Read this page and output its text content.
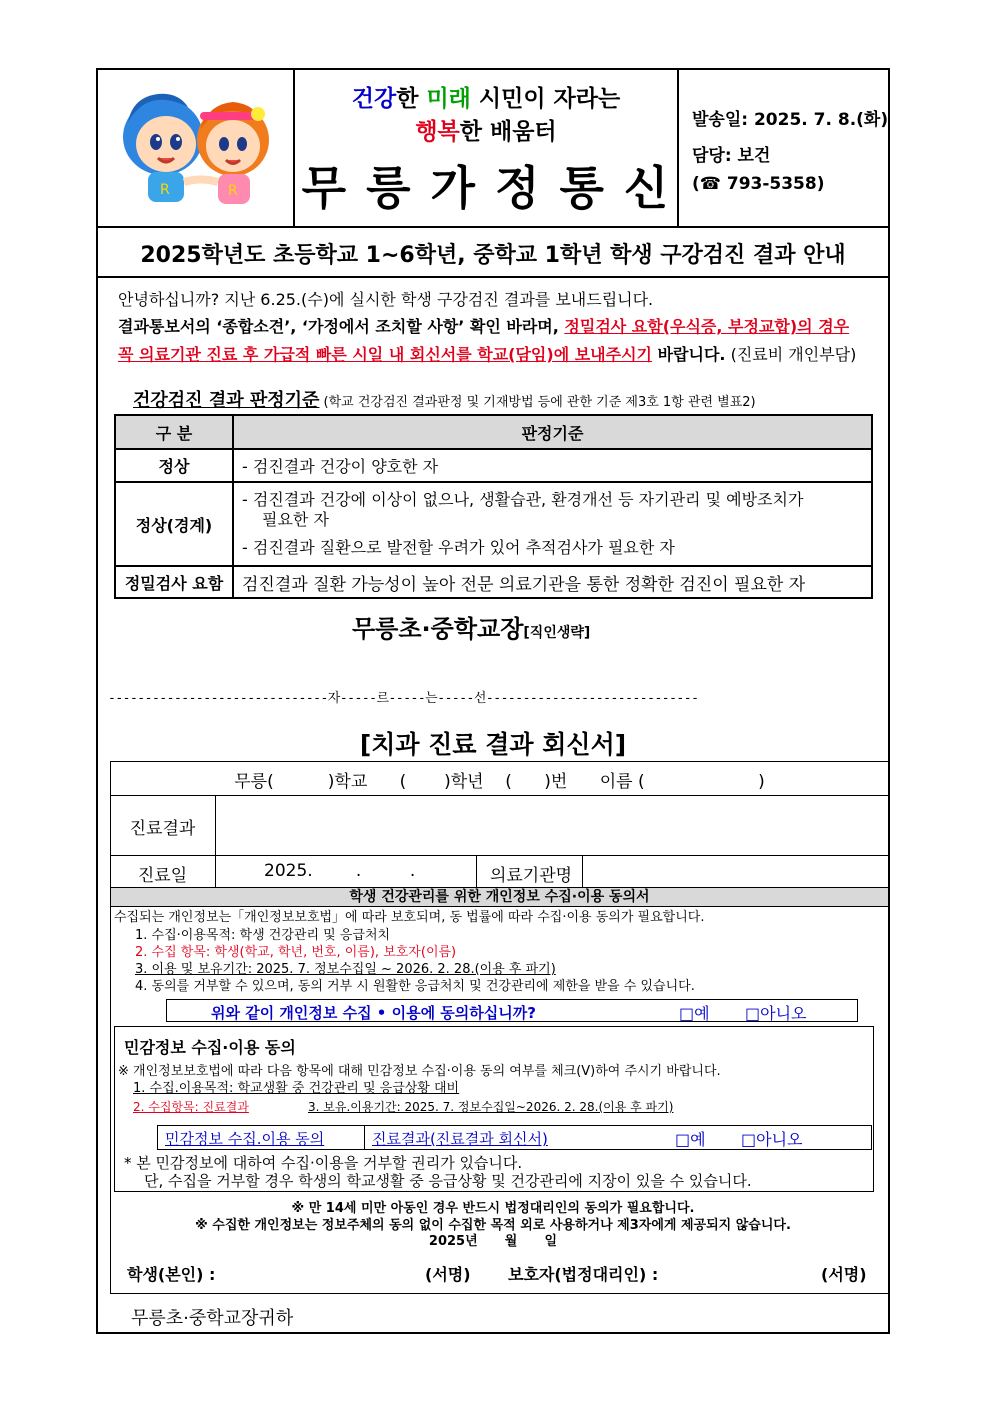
R	R
건강한 미래 시민이 자라는
행복한 배움터
무 릉 가 정 통 신
발송일: 2025. 7. 8.(화)
담당: 보건
(☎ 793-5358)
2025학년도 초등학교 1~6학년, 중학교 1학년 학생 구강검진 결과 안내
안녕하십니까? 지난 6.25.(수)에 실시한 학생 구강검진 결과를 보내드립니다.
결과통보서의 ‘종합소견’, ‘가정에서 조치할 사항’ 확인 바라며, 정밀검사 요함(우식증, 부정교합)의 경우
꼭 의료기관 진료 후 가급적 빠른 시일 내 회신서를 학교(담임)에 보내주시기 바랍니다. (진료비 개인부담)
건강검진 결과 판정기준 (학교 건강검진 결과판정 및 기재방법 등에 관한 기준 제3호 1항 관련 별표2)
구 분	판정기준
정상	- 검진결과 건강이 양호한 자
정상(경계)	- 검진결과 건강에 이상이 없으나, 생활습관, 환경개선 등 자기관리 및 예방조치가
필요한 자
- 검진결과 질환으로 발전할 우려가 있어 추적검사가 필요한 자

정밀검사 요함	검진결과 질환 가능성이 높아 전문 의료기관을 통한 정확한 검진이 필요한 자
무릉초·중학교장[직인생략]
------------------------------자-----르-----는-----선-----------------------------
[치과 진료 결과 회신서]
무릉(          )학교      (       )학년    (      )번      이름 (                     )
진료결과
진료일	2025.        .         .	의료기관명
학생 건강관리를 위한 개인정보 수집·이용 동의서
수집되는 개인정보는「개인정보보호법」에 따라 보호되며, 동 법률에 따라 수집·이용 동의가 필요합니다.
1. 수집·이용목적: 학생 건강관리 및 응급처치
2. 수집 항목: 학생(학교, 학년, 번호, 이름), 보호자(이름)
3. 이용 및 보유기간: 2025. 7. 정보수집일 ~ 2026. 2. 28.(이용 후 파기)
4. 동의를 거부할 수 있으며, 동의 거부 시 원활한 응급처치 및 건강관리에 제한을 받을 수 있습니다.
위와 같이 개인정보 수집 • 이용에 동의하십니까?	□예 □아니오
민감정보 수집·이용 동의
※ 개인정보보호법에 따라 다음 항목에 대해 민감정보 수집·이용 동의 여부를 체크(V)하여 주시기 바랍니다.
1. 수집.이용목적: 학교생활 중 건강관리 및 응급상황 대비
2. 수집항목: 진료결과	3. 보유.이용기간: 2025. 7. 정보수집일~2026. 2. 28.(이용 후 파기)
민감정보 수집.이용 동의	진료결과(진료결과 회신서)	□예 □아니오
* 본 민감정보에 대하여 수집·이용을 거부할 권리가 있습니다.
단, 수집을 거부할 경우 학생의 학교생활 중 응급상황 및 건강관리에 지장이 있을 수 있습니다.
※ 만 14세 미만 아동인 경우 반드시 법정대리인의 동의가 필요합니다.
※ 수집한 개인정보는 정보주체의 동의 없이 수집한 목적 외로 사용하거나 제3자에게 제공되지 않습니다.
2025년      월      일
학생(본인) :	(서명) 보호자(법정대리인) :	(서명)
무릉초·중학교장귀하
